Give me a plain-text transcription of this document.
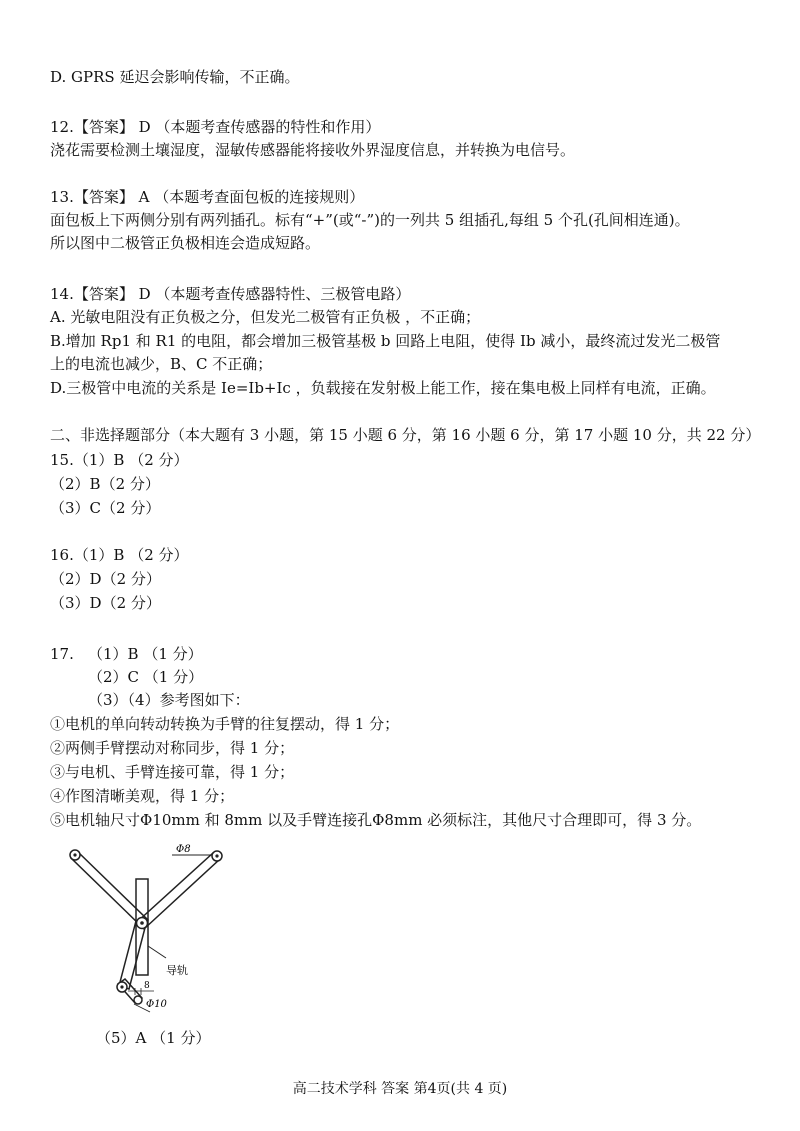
D. GPRS 延迟会影响传输，不正确。
12.【答案】 D （本题考查传感器的特性和作用）
浇花需要检测土壤湿度，湿敏传感器能将接收外界湿度信息，并转换为电信号。
13.【答案】 A （本题考查面包板的连接规则）
面包板上下两侧分别有两列插孔。标有“+”(或“-”)的一列共 5 组插孔,每组 5 个孔(孔间相连通)。
所以图中二极管正负极相连会造成短路。
14.【答案】 D （本题考查传感器特性、三极管电路）
A. 光敏电阻没有正负极之分，但发光二极管有正负极 ，不正确；
B.增加 Rp1 和 R1 的电阻，都会增加三极管基极 b 回路上电阻，使得 Ib 减小，最终流过发光二极管
上的电流也减少，B、C 不正确；
D.三极管中电流的关系是 Ie=Ib+Ic ，负载接在发射极上能工作，接在集电极上同样有电流，正确。
二、非选择题部分（本大题有 3 小题，第 15 小题 6 分，第 16 小题 6 分，第 17 小题 10 分，共 22 分）
15.（1）B （2 分）
（2）B（2 分）
（3）C（2 分）
16.（1）B （2 分）
（2）D（2 分）
（3）D（2 分）
17. （1）B （1 分）
（2）C （1 分）
（3）（4）参考图如下：
①电机的单向转动转换为手臂的往复摆动，得 1 分；
②两侧手臂摆动对称同步，得 1 分；
③与电机、手臂连接可靠，得 1 分；
④作图清晰美观，得 1 分；
⑤电机轴尺寸Φ10mm 和 8mm 以及手臂连接孔Φ8mm 必须标注，其他尺寸合理即可，得 3 分。
Φ8
导轨
8
Φ10
（5）A （1 分）
高二技术学科 答案 第4页(共 4 页)
